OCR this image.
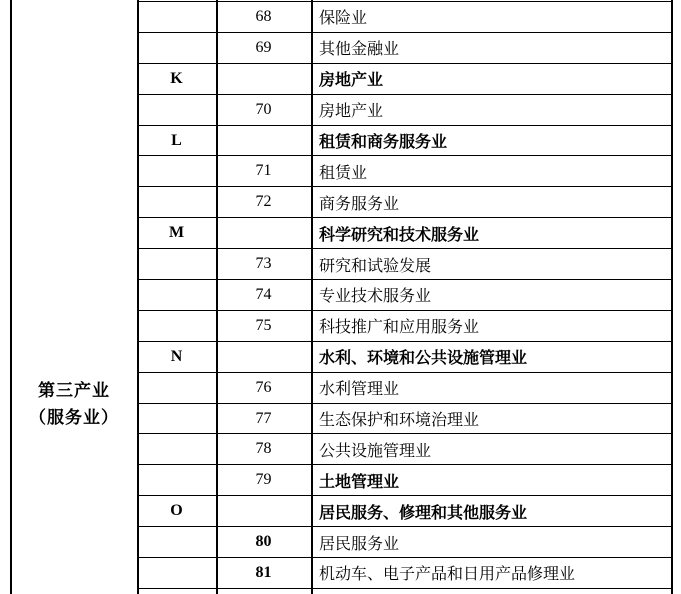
第三产业
（服务业）
68	保险业
69	其他金融业
K	房地产业
70	房地产业
L	租赁和商务服务业
71	租赁业
72	商务服务业
M	科学研究和技术服务业
73	研究和试验发展
74	专业技术服务业
75	科技推广和应用服务业
N	水利、环境和公共设施管理业
76	水利管理业
77	生态保护和环境治理业
78	公共设施管理业
79	土地管理业
O	居民服务、修理和其他服务业
80	居民服务业
81	机动车、电子产品和日用产品修理业
